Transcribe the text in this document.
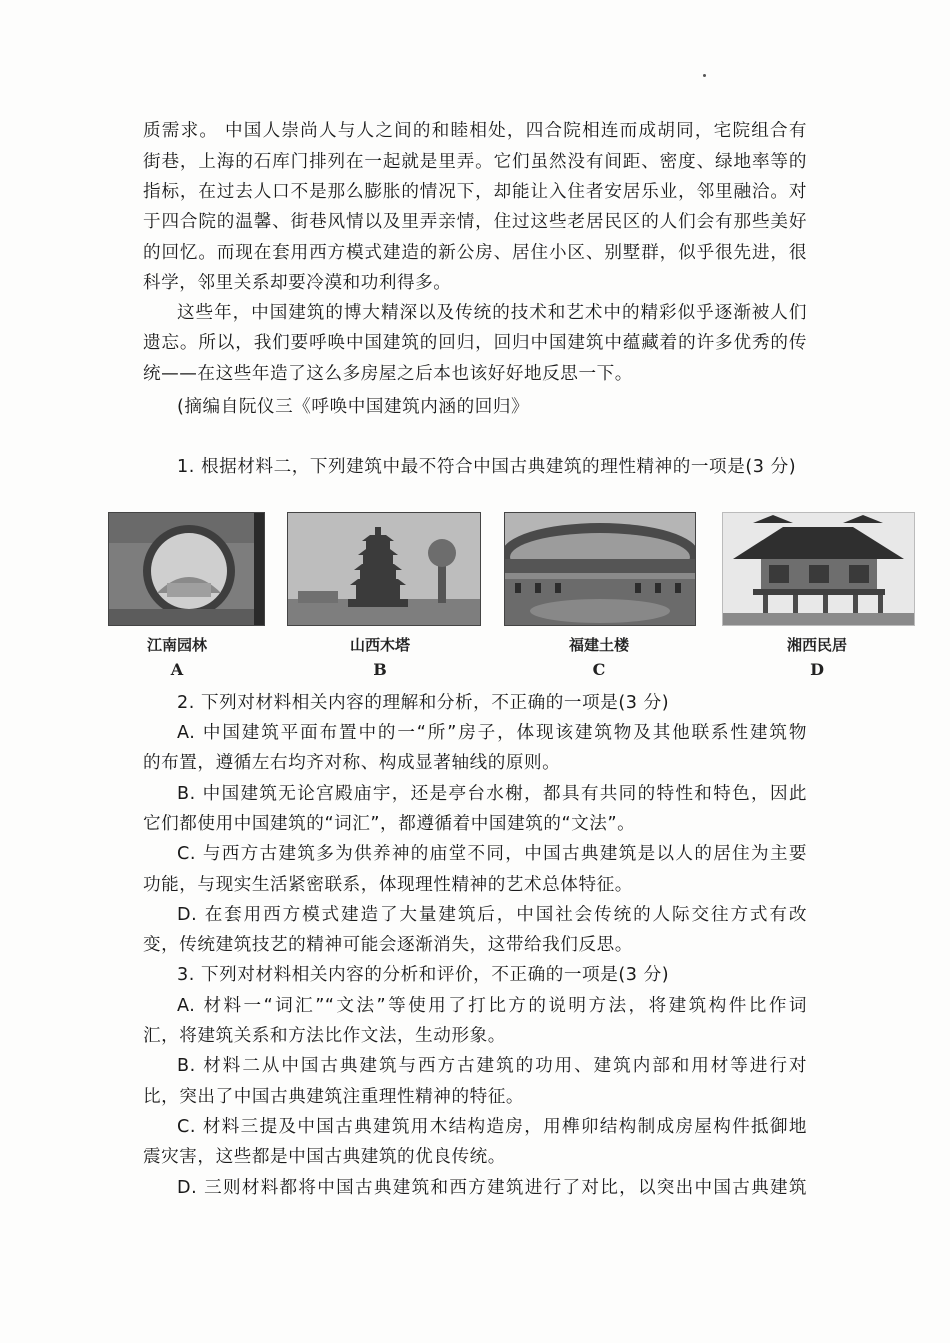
质需求。 中国人崇尚人与人之间的和睦相处，四合院相连而成胡同，宅院组合有
街巷，上海的石库门排列在一起就是里弄。它们虽然没有间距、密度、绿地率等的
指标，在过去人口不是那么膨胀的情况下，却能让入住者安居乐业，邻里融洽。对
于四合院的温馨、街巷风情以及里弄亲情，住过这些老居民区的人们会有那些美好
的回忆。而现在套用西方模式建造的新公房、居住小区、别墅群，似乎很先进，很
科学，邻里关系却要冷漠和功利得多。
这些年，中国建筑的博大精深以及传统的技术和艺术中的精彩似乎逐渐被人们
遗忘。所以，我们要呼唤中国建筑的回归，回归中国建筑中蕴藏着的许多优秀的传
统——在这些年造了这么多房屋之后本也该好好地反思一下。
(摘编自阮仪三《呼唤中国建筑内涵的回归》
1. 根据材料二，下列建筑中最不符合中国古典建筑的理性精神的一项是(3 分)
江南园林
A
山西木塔
B
福建土楼
C
湘西民居
D
2. 下列对材料相关内容的理解和分析，不正确的一项是(3 分)
A. 中国建筑平面布置中的一“所”房子，体现该建筑物及其他联系性建筑物
的布置，遵循左右均齐对称、构成显著轴线的原则。
B. 中国建筑无论宫殿庙宇，还是亭台水榭，都具有共同的特性和特色，因此
它们都使用中国建筑的“词汇”，都遵循着中国建筑的“文法”。
C. 与西方古建筑多为供养神的庙堂不同，中国古典建筑是以人的居住为主要
功能，与现实生活紧密联系，体现理性精神的艺术总体特征。
D. 在套用西方模式建造了大量建筑后，中国社会传统的人际交往方式有改
变，传统建筑技艺的精神可能会逐渐消失，这带给我们反思。
3. 下列对材料相关内容的分析和评价，不正确的一项是(3 分)
A. 材料一“词汇”“文法”等使用了打比方的说明方法，将建筑构件比作词
汇，将建筑关系和方法比作文法，生动形象。
B. 材料二从中国古典建筑与西方古建筑的功用、建筑内部和用材等进行对
比，突出了中国古典建筑注重理性精神的特征。
C. 材料三提及中国古典建筑用木结构造房，用榫卯结构制成房屋构件抵御地
震灾害，这些都是中国古典建筑的优良传统。
D. 三则材料都将中国古典建筑和西方建筑进行了对比，以突出中国古典建筑
